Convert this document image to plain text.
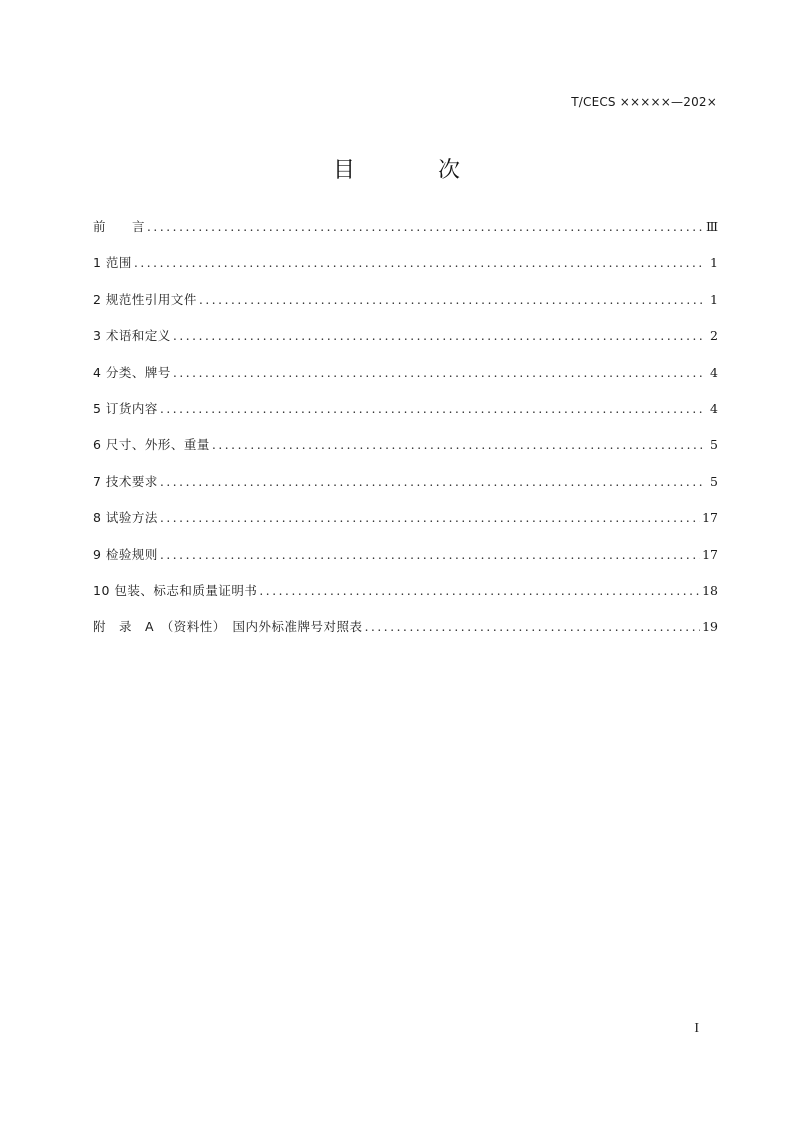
T/CECS ×××××—202×
目 次
前　　言 .....	Ⅲ
1 范围 .....	1
2 规范性引用文件 .....	1
3 术语和定义 .....	2
4 分类、牌号 .....	4
5 订货内容 .....	4
6 尺寸、外形、重量 .....	5
7 技术要求 .....	5
8 试验方法 .....	17
9 检验规则 .....	17
10 包装、标志和质量证明书 .....	18
附　录　A　（资料性）　国内外标准牌号对照表 .....	19
I
